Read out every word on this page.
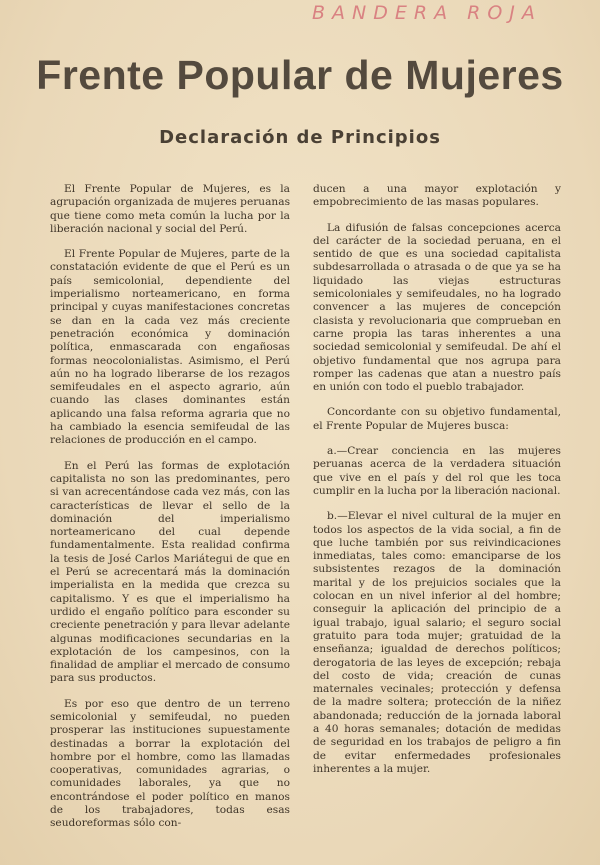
BANDERA ROJA
Frente Popular de Mujeres
Declaración de Principios

El Frente Popular de Mujeres, es la agrupación organizada de mujeres peruanas que tiene como meta común la lucha por la liberación nacional y social del Perú.

El Frente Popular de Mujeres, parte de la constatación evidente de que el Perú es un país semicolonial, dependiente del imperialismo norteamericano, en forma principal y cuyas manifestaciones concretas se dan en la cada vez más creciente penetración económica y dominación política, enmascarada con engañosas formas neocolonialistas. Asimismo, el Perú aún no ha logrado liberarse de los rezagos semifeudales en el aspecto agrario, aún cuando las clases dominantes están aplicando una falsa reforma agraria que no ha cambiado la esencia semifeudal de las relaciones de producción en el campo.

En el Perú las formas de explotación capitalista no son las predominantes, pero si van acrecentándose cada vez más, con las características de llevar el sello de la dominación del imperialismo norteamericano del cual depende fundamentalmente. Esta realidad confirma la tesis de José Carlos Mariátegui de que en el Perú se acrecentará más la dominación imperialista en la medida que crezca su capitalismo. Y es que el imperialismo ha urdido el engaño político para esconder su creciente penetración y para llevar adelante algunas modificaciones secundarias en la explotación de los campesinos, con la finalidad de ampliar el mercado de consumo para sus productos.

Es por eso que dentro de un terreno semicolonial y semifeudal, no pueden prosperar las instituciones supuestamente destinadas a borrar la explotación del hombre por el hombre, como las llamadas cooperativas, comunidades agrarias, o comunidades laborales, ya que no encontrándose el poder político en manos de los trabajadores, todas esas seudoreformas sólo con-

ducen a una mayor explotación y empobrecimiento de las masas populares.

La difusión de falsas concepciones acerca del carácter de la sociedad peruana, en el sentido de que es una sociedad capitalista subdesarrollada o atrasada o de que ya se ha liquidado las viejas estructuras semicoloniales y semifeudales, no ha logrado convencer a las mujeres de concepción clasista y revolucionaria que comprueban en carne propia las taras inherentes a una sociedad semicolonial y semifeudal. De ahí el objetivo fundamental que nos agrupa para romper las cadenas que atan a nuestro país en unión con todo el pueblo trabajador.

Concordante con su objetivo fundamental, el Frente Popular de Mujeres busca:

a.—Crear conciencia en las mujeres peruanas acerca de la verdadera situación que vive en el país y del rol que les toca cumplir en la lucha por la liberación nacional.

b.—Elevar el nivel cultural de la mujer en todos los aspectos de la vida social, a fin de que luche también por sus reivindicaciones inmediatas, tales como: emanciparse de los subsistentes rezagos de la dominación marital y de los prejuicios sociales que la colocan en un nivel inferior al del hombre; conseguir la aplicación del principio de a igual trabajo, igual salario; el seguro social gratuito para toda mujer; gratuidad de la enseñanza; igualdad de derechos políticos; derogatoria de las leyes de excepción; rebaja del costo de vida; creación de cunas maternales vecinales; protección y defensa de la madre soltera; protección de la niñez abandonada; reducción de la jornada laboral a 40 horas semanales; dotación de medidas de seguridad en los trabajos de peligro a fin de evitar enfermedades profesionales inherentes a la mujer.
